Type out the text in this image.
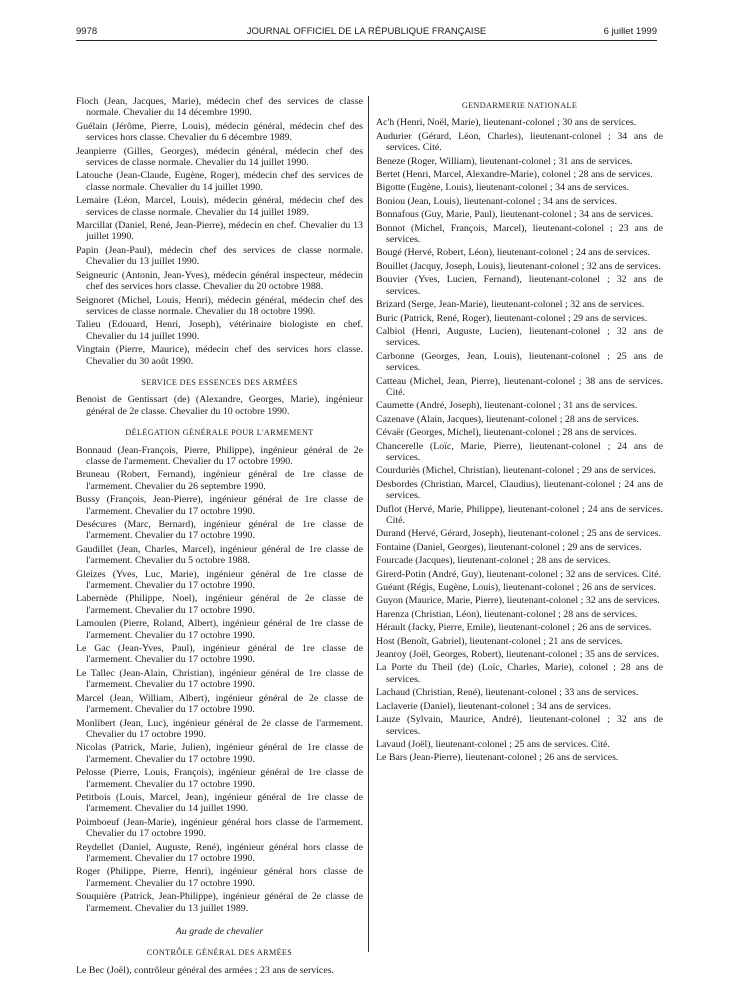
9978	JOURNAL OFFICIEL DE LA RÉPUBLIQUE FRANÇAISE	6 juillet 1999

Floch (Jean, Jacques, Marie), médecin chef des services de classe normale. Chevalier du 14 décembre 1990.

Guélain (Jérôme, Pierre, Louis), médecin général, médecin chef des services hors classe. Chevalier du 6 décembre 1989.

Jeanpierre (Gilles, Georges), médecin général, médecin chef des services de classe normale. Chevalier du 14 juillet 1990.

Latouche (Jean-Claude, Eugène, Roger), médecin chef des services de classe normale. Chevalier du 14 juillet 1990.

Lemaire (Léon, Marcel, Louis), médecin général, médecin chef des services de classe normale. Chevalier du 14 juillet 1989.

Marcillat (Daniel, René, Jean-Pierre), médecin en chef. Chevalier du 13 juillet 1990.

Papin (Jean-Paul), médecin chef des services de classe normale. Chevalier du 13 juillet 1990.

Seigneuric (Antonin, Jean-Yves), médecin général inspecteur, médecin chef des services hors classe. Chevalier du 20 octobre 1988.

Seignoret (Michel, Louis, Henri), médecin général, médecin chef des services de classe normale. Chevalier du 18 octobre 1990.

Talieu (Edouard, Henri, Joseph), vétérinaire biologiste en chef. Chevalier du 14 juillet 1990.

Vingtain (Pierre, Maurice), médecin chef des services hors classe. Chevalier du 30 août 1990.

SERVICE DES ESSENCES DES ARMÉES

Benoist de Gentissart (de) (Alexandre, Georges, Marie), ingénieur général de 2e classe. Chevalier du 10 octobre 1990.

DÉLÉGATION GÉNÉRALE POUR L'ARMEMENT

Bonnaud (Jean-François, Pierre, Philippe), ingénieur général de 2e classe de l'armement. Chevalier du 17 octobre 1990.

Bruneau (Robert, Fernand), ingénieur général de 1re classe de l'armement. Chevalier du 26 septembre 1990.

Bussy (François, Jean-Pierre), ingénieur général de 1re classe de l'armement. Chevalier du 17 octobre 1990.

Desécures (Marc, Bernard), ingénieur général de 1re classe de l'armement. Chevalier du 17 octobre 1990.

Gaudillet (Jean, Charles, Marcel), ingénieur général de 1re classe de l'armement. Chevalier du 5 octobre 1988.

Gleizes (Yves, Luc, Marie), ingénieur général de 1re classe de l'armement. Chevalier du 17 octobre 1990.

Labernède (Philippe, Noel), ingénieur général de 2e classe de l'armement. Chevalier du 17 octobre 1990.

Lamoulen (Pierre, Roland, Albert), ingénieur général de 1re classe de l'armement. Chevalier du 17 octobre 1990.

Le Gac (Jean-Yves, Paul), ingénieur général de 1re classe de l'armement. Chevalier du 17 octobre 1990.

Le Tallec (Jean-Alain, Christian), ingénieur général de 1re classe de l'armement. Chevalier du 17 octobre 1990.

Marcel (Jean, William, Albert), ingénieur général de 2e classe de l'armement. Chevalier du 17 octobre 1990.

Monlibert (Jean, Luc), ingénieur général de 2e classe de l'armement. Chevalier du 17 octobre 1990.

Nicolas (Patrick, Marie, Julien), ingénieur général de 1re classe de l'armement. Chevalier du 17 octobre 1990.

Pelosse (Pierre, Louis, François), ingénieur général de 1re classe de l'armement. Chevalier du 17 octobre 1990.

Petitbois (Louis, Marcel, Jean), ingénieur général de 1re classe de l'armement. Chevalier du 14 juillet 1990.

Poimboeuf (Jean-Marie), ingénieur général hors classe de l'armement. Chevalier du 17 octobre 1990.

Reydellet (Daniel, Auguste, René), ingénieur général hors classe de l'armement. Chevalier du 17 octobre 1990.

Roger (Philippe, Pierre, Henri), ingénieur général hors classe de l'armement. Chevalier du 17 octobre 1990.

Souquière (Patrick, Jean-Philippe), ingénieur général de 2e classe de l'armement. Chevalier du 13 juillet 1989.

Au grade de chevalier
CONTRÔLE GÉNÉRAL DES ARMÉES

Le Bec (Joël), contrôleur général des armées ; 23 ans de services.

GENDARMERIE NATIONALE

Ac'h (Henri, Noël, Marie), lieutenant-colonel ; 30 ans de services.

Audurier (Gérard, Léon, Charles), lieutenant-colonel ; 34 ans de services. Cité.

Beneze (Roger, William), lieutenant-colonel ; 31 ans de services.

Bertet (Henri, Marcel, Alexandre-Marie), colonel ; 28 ans de services.

Bigotte (Eugène, Louis), lieutenant-colonel ; 34 ans de services.

Boniou (Jean, Louis), lieutenant-colonel ; 34 ans de services.

Bonnafous (Guy, Marie, Paul), lieutenant-colonel ; 34 ans de services.

Bonnot (Michel, François, Marcel), lieutenant-colonel ; 23 ans de services.

Bougé (Hervé, Robert, Léon), lieutenant-colonel ; 24 ans de services.

Bouillet (Jacquy, Joseph, Louis), lieutenant-colonel ; 32 ans de services.

Bouvier (Yves, Lucien, Fernand), lieutenant-colonel ; 32 ans de services.

Brizard (Serge, Jean-Marie), lieutenant-colonel ; 32 ans de services.

Buric (Patrick, René, Roger), lieutenant-colonel ; 29 ans de services.

Calbiol (Henri, Auguste, Lucien), lieutenant-colonel ; 32 ans de services.

Carbonne (Georges, Jean, Louis), lieutenant-colonel ; 25 ans de services.

Catteau (Michel, Jean, Pierre), lieutenant-colonel ; 38 ans de services. Cité.

Caumette (André, Joseph), lieutenant-colonel ; 31 ans de services.

Cazenave (Alain, Jacques), lieutenant-colonel ; 28 ans de services.

Cévaër (Georges, Michel), lieutenant-colonel ; 28 ans de services.

Chancerelle (Loïc, Marie, Pierre), lieutenant-colonel ; 24 ans de services.

Courduriès (Michel, Christian), lieutenant-colonel ; 29 ans de services.

Desbordes (Christian, Marcel, Claudius), lieutenant-colonel ; 24 ans de services.

Duflot (Hervé, Marie, Philippe), lieutenant-colonel ; 24 ans de services. Cité.

Durand (Hervé, Gérard, Joseph), lieutenant-colonel ; 25 ans de services.

Fontaine (Daniel, Georges), lieutenant-colonel ; 29 ans de services.

Fourcade (Jacques), lieutenant-colonel ; 28 ans de services.

Girerd-Potin (André, Guy), lieutenant-colonel ; 32 ans de services. Cité.

Guéant (Régis, Eugène, Louis), lieutenant-colonel ; 26 ans de services.

Guyon (Maurice, Marie, Pierre), lieutenant-colonel ; 32 ans de services.

Harenza (Christian, Léon), lieutenant-colonel ; 28 ans de services.

Hérault (Jacky, Pierre, Emile), lieutenant-colonel ; 26 ans de services.

Host (Benoît, Gabriel), lieutenant-colonel ; 21 ans de services.

Jeanroy (Joël, Georges, Robert), lieutenant-colonel ; 35 ans de services.

La Porte du Theil (de) (Loïc, Charles, Marie), colonel ; 28 ans de services.

Lachaud (Christian, René), lieutenant-colonel ; 33 ans de services.

Laclaverie (Daniel), lieutenant-colonel ; 34 ans de services.

Lauze (Sylvain, Maurice, André), lieutenant-colonel ; 32 ans de services.

Lavaud (Joël), lieutenant-colonel ; 25 ans de services. Cité.

Le Bars (Jean-Pierre), lieutenant-colonel ; 26 ans de services.
